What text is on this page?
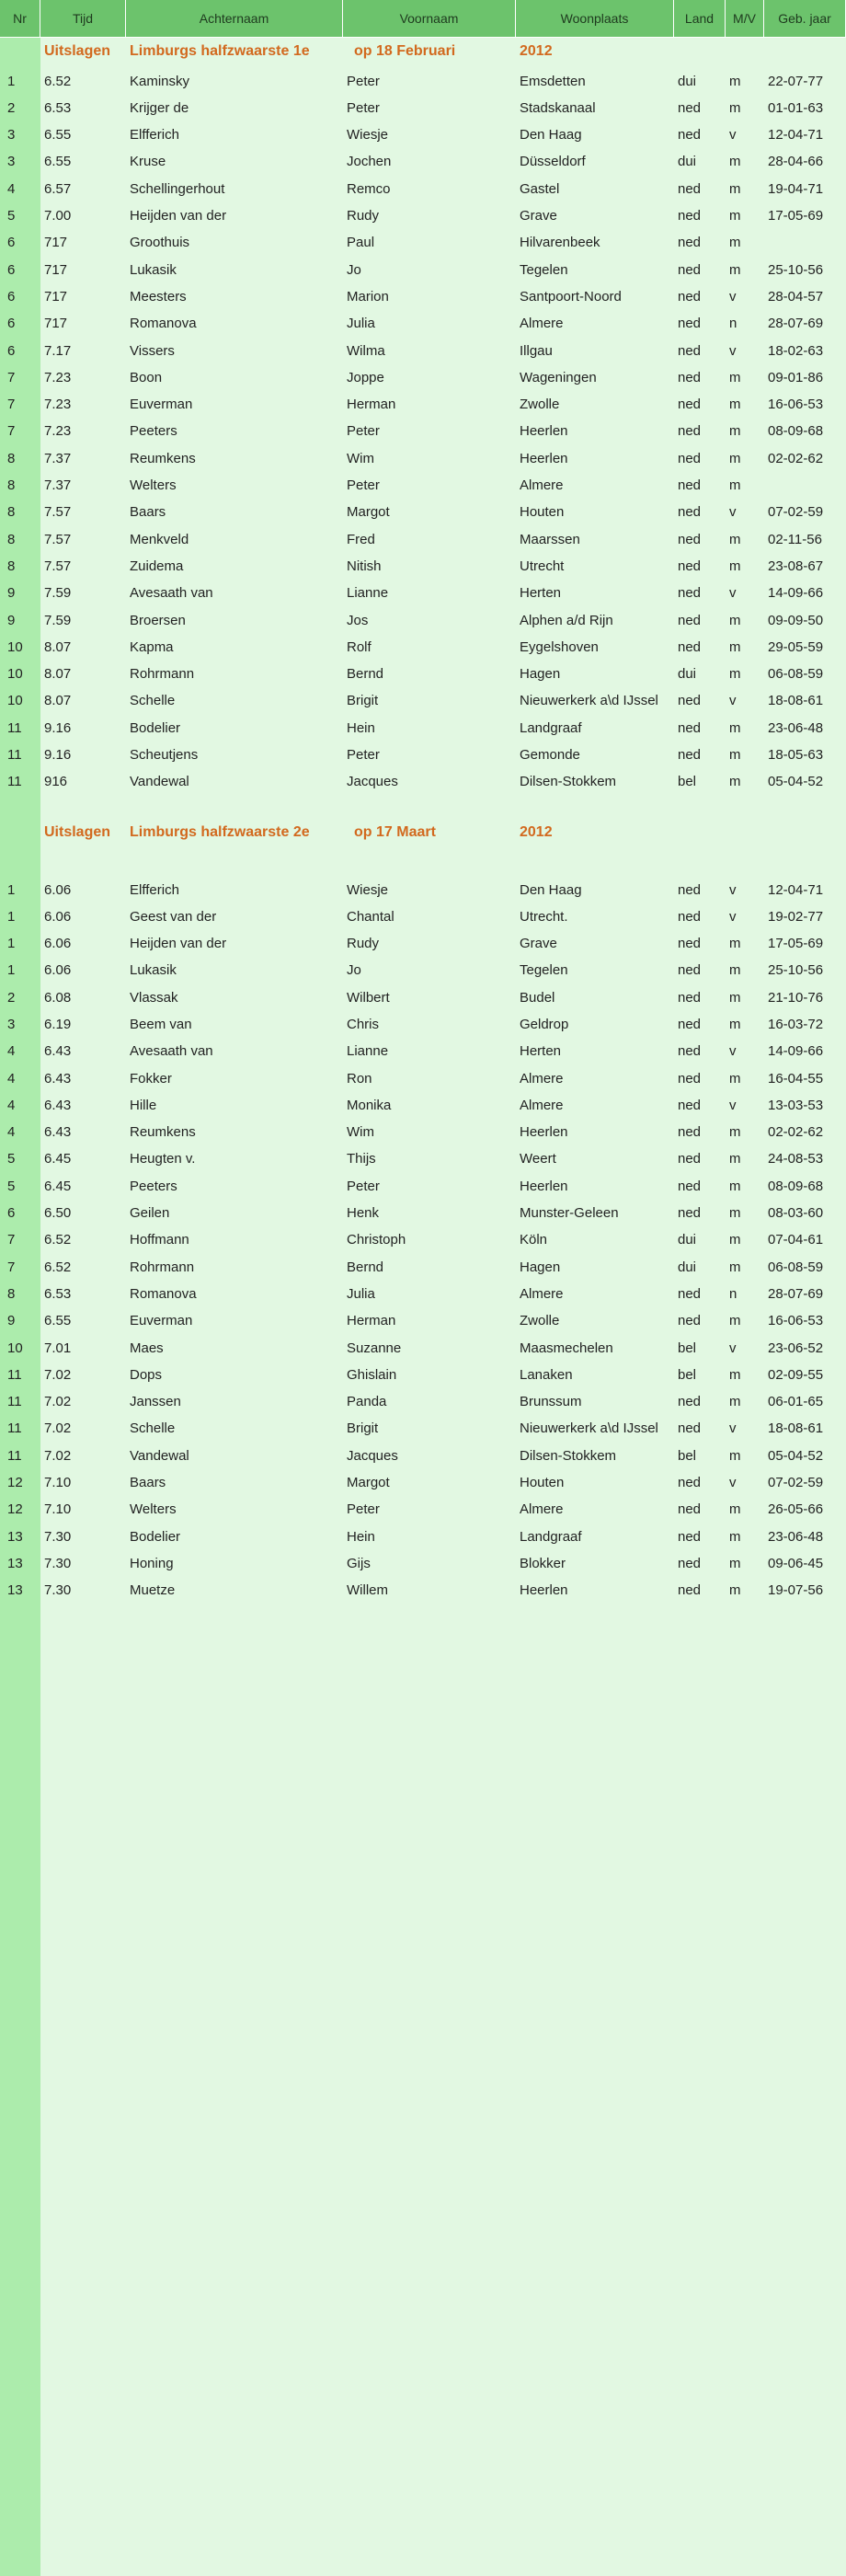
Nr	Tijd	Achternaam	Voornaam	Woonplaats	Land	M/V	Geb. jaar
	Uitslagen	Limburgs halfzwaarste 1e	op 18 Februari	2012			
1	6.52	Kaminsky	Peter	Emsdetten	dui	m	22-07-77
2	6.53	Krijger de	Peter	Stadskanaal	ned	m	01-01-63
3	6.55	Elfferich	Wiesje	Den Haag	ned	v	12-04-71
3	6.55	Kruse	Jochen	Düsseldorf	dui	m	28-04-66
4	6.57	Schellingerhout	Remco	Gastel	ned	m	19-04-71
5	7.00	Heijden van der	Rudy	Grave	ned	m	17-05-69
6	717	Groothuis	Paul	Hilvarenbeek	ned	m	
6	717	Lukasik	Jo	Tegelen	ned	m	25-10-56
6	717	Meesters	Marion	Santpoort-Noord	ned	v	28-04-57
6	717	Romanova	Julia	Almere	ned	n	28-07-69
6	7.17	Vissers	Wilma	Illgau	ned	v	18-02-63
7	7.23	Boon	Joppe	Wageningen	ned	m	09-01-86
7	7.23	Euverman	Herman	Zwolle	ned	m	16-06-53
7	7.23	Peeters	Peter	Heerlen	ned	m	08-09-68
8	7.37	Reumkens	Wim	Heerlen	ned	m	02-02-62
8	7.37	Welters	Peter	Almere	ned	m	
8	7.57	Baars	Margot	Houten	ned	v	07-02-59
8	7.57	Menkveld	Fred	Maarssen	ned	m	02-11-56
8	7.57	Zuidema	Nitish	Utrecht	ned	m	23-08-67
9	7.59	Avesaath van	Lianne	Herten	ned	v	14-09-66
9	7.59	Broersen	Jos	Alphen a/d Rijn	ned	m	09-09-50
10	8.07	Kapma	Rolf	Eygelshoven	ned	m	29-05-59
10	8.07	Rohrmann	Bernd	Hagen	dui	m	06-08-59
10	8.07	Schelle	Brigit	Nieuwerkerk a\d IJssel	ned	v	18-08-61
11	9.16	Bodelier	Hein	Landgraaf	ned	m	23-06-48
11	9.16	Scheutjens	Peter	Gemonde	ned	m	18-05-63
11	916	Vandewal	Jacques	Dilsen-Stokkem	bel	m	05-04-52

	Uitslagen	Limburgs halfzwaarste 2e	op 17 Maart	2012			

1	6.06	Elfferich	Wiesje	Den Haag	ned	v	12-04-71
1	6.06	Geest van der	Chantal	Utrecht.	ned	v	19-02-77
1	6.06	Heijden van der	Rudy	Grave	ned	m	17-05-69
1	6.06	Lukasik	Jo	Tegelen	ned	m	25-10-56
2	6.08	Vlassak	Wilbert	Budel	ned	m	21-10-76
3	6.19	Beem van	Chris	Geldrop	ned	m	16-03-72
4	6.43	Avesaath van	Lianne	Herten	ned	v	14-09-66
4	6.43	Fokker	Ron	Almere	ned	m	16-04-55
4	6.43	Hille	Monika	Almere	ned	v	13-03-53
4	6.43	Reumkens	Wim	Heerlen	ned	m	02-02-62
5	6.45	Heugten v.	Thijs	Weert	ned	m	24-08-53
5	6.45	Peeters	Peter	Heerlen	ned	m	08-09-68
6	6.50	Geilen	Henk	Munster-Geleen	ned	m	08-03-60
7	6.52	Hoffmann	Christoph	Köln	dui	m	07-04-61
7	6.52	Rohrmann	Bernd	Hagen	dui	m	06-08-59
8	6.53	Romanova	Julia	Almere	ned	n	28-07-69
9	6.55	Euverman	Herman	Zwolle	ned	m	16-06-53
10	7.01	Maes	Suzanne	Maasmechelen	bel	v	23-06-52
11	7.02	Dops	Ghislain	Lanaken	bel	m	02-09-55
11	7.02	Janssen	Panda	Brunssum	ned	m	06-01-65
11	7.02	Schelle	Brigit	Nieuwerkerk a\d IJssel	ned	v	18-08-61
11	7.02	Vandewal	Jacques	Dilsen-Stokkem	bel	m	05-04-52
12	7.10	Baars	Margot	Houten	ned	v	07-02-59
12	7.10	Welters	Peter	Almere	ned	m	26-05-66
13	7.30	Bodelier	Hein	Landgraaf	ned	m	23-06-48
13	7.30	Honing	Gijs	Blokker	ned	m	09-06-45
13	7.30	Muetze	Willem	Heerlen	ned	m	19-07-56
